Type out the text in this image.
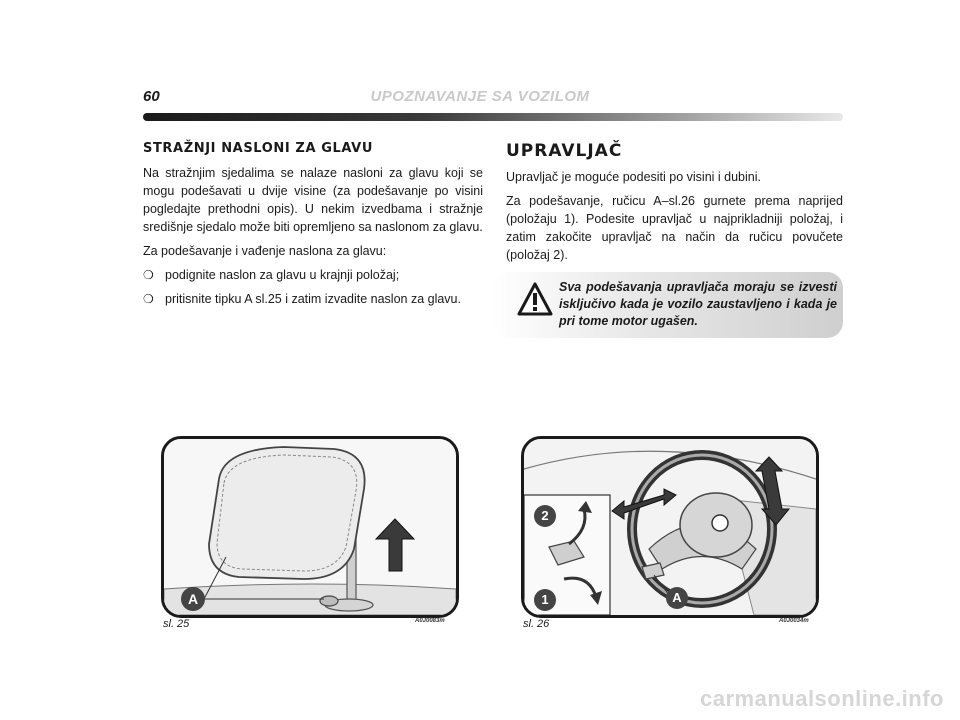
60	UPOZNAVANJE SA VOZILOM
STRAŽNJI NASLONI ZA GLAVU

Na stražnjim sjedalima se nalaze nasloni za glavu koji se mogu podešavati u dvije visine (za podešavanje po visini pogledajte prethodni opis). U nekim izvedbama i stražnje središnje sjedalo može biti opremljeno sa naslonom za glavu.

Za podešavanje i vađenje naslona za glavu:

❍ podignite naslon za glavu u krajnji položaj;
❍ pritisnite tipku A sl.25 i zatim izvadite naslon za glavu.
UPRAVLJAČ

Upravljač je moguće podesiti po visini i dubini.

Za podešavanje, ručicu A–sl.26 gurnete prema naprijed (položaju 1). Podesite upravljač u najprikladniji položaj, i zatim zakočite upravljač na način da ručicu povučete (položaj 2).

Sva podešavanja upravljača moraju se izvesti isključivo kada je vozilo zaustavljeno i kada je pri tome motor ugašen.
A
sl. 25	A0J0083m
2
1	A
sl. 26	A0J0034m
carmanualsonline.info
